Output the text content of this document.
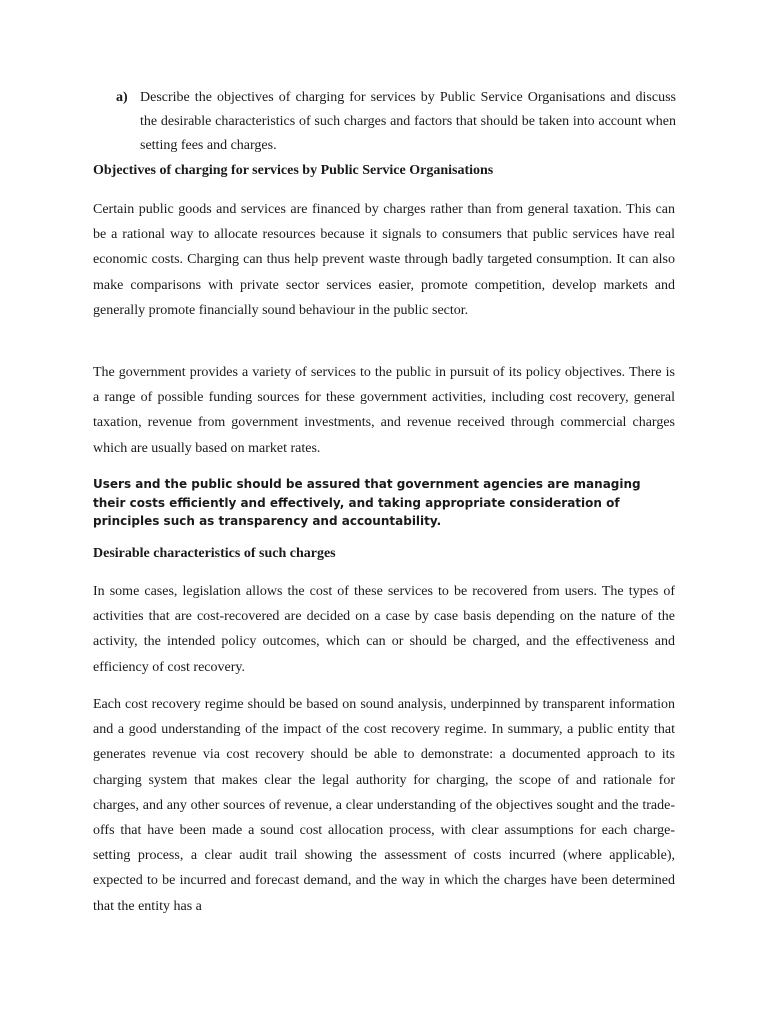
a) Describe the objectives of charging for services by Public Service Organisations and discuss the desirable characteristics of such charges and factors that should be taken into account when setting fees and charges.
Objectives of charging for services by Public Service Organisations

Certain public goods and services are financed by charges rather than from general taxation. This can be a rational way to allocate resources because it signals to consumers that public services have real economic costs. Charging can thus help prevent waste through badly targeted consumption. It can also make comparisons with private sector services easier, promote competition, develop markets and generally promote financially sound behaviour in the public sector.

The government provides a variety of services to the public in pursuit of its policy objectives. There is a range of possible funding sources for these government activities, including cost recovery, general taxation, revenue from government investments, and revenue received through commercial charges which are usually based on market rates.

Users and the public should be assured that government agencies are managing their costs efficiently and effectively, and taking appropriate consideration of principles such as transparency and accountability.

Desirable characteristics of such charges

In some cases, legislation allows the cost of these services to be recovered from users. The types of activities that are cost-recovered are decided on a case by case basis depending on the nature of the activity, the intended policy outcomes, which can or should be charged, and the effectiveness and efficiency of cost recovery.

Each cost recovery regime should be based on sound analysis, underpinned by transparent information and a good understanding of the impact of the cost recovery regime. In summary, a public entity that generates revenue via cost recovery should be able to demonstrate: a documented approach to its charging system that makes clear the legal authority for charging, the scope of and rationale for charges, and any other sources of revenue, a clear understanding of the objectives sought and the trade-offs that have been made a sound cost allocation process, with clear assumptions for each charge-setting process, a clear audit trail showing the assessment of costs incurred (where applicable), expected to be incurred and forecast demand, and the way in which the charges have been determined that the entity has a
